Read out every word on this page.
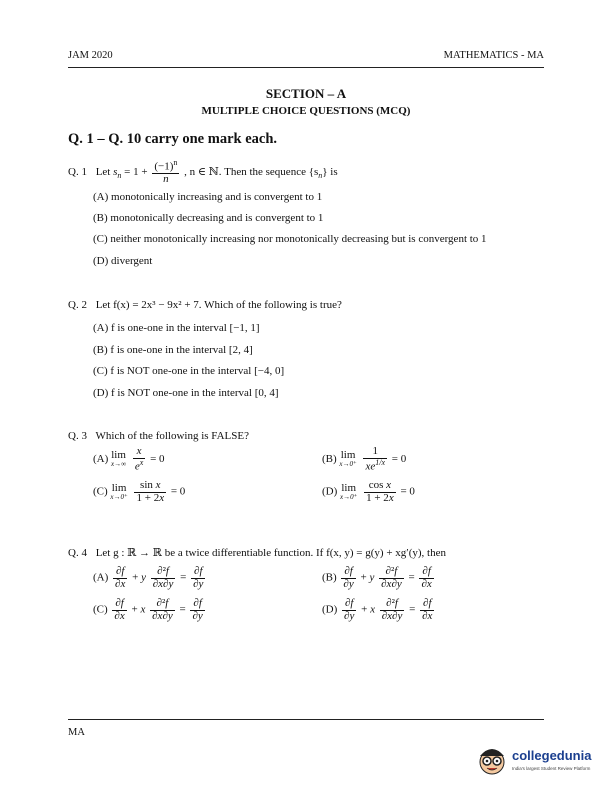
JAM 2020	MATHEMATICS - MA
SECTION – A
MULTIPLE CHOICE QUESTIONS (MCQ)
Q. 1 – Q. 10 carry one mark each.
Q. 1 Let $s_n = 1 + \frac{(-1)^n}{n}$ , n ∈ ℕ. Then the sequence $\{s_n\}$ is
(A) monotonically increasing and is convergent to 1
(B) monotonically decreasing and is convergent to 1
(C) neither monotonically increasing nor monotonically decreasing but is convergent to 1
(D) divergent
Q. 2 Let f(x) = 2x³ − 9x² + 7. Which of the following is true?
(A) f is one-one in the interval [−1, 1]
(B) f is one-one in the interval [2, 4]
(C) f is NOT one-one in the interval [−4, 0]
(D) f is NOT one-one in the interval [0, 4]
Q. 3 Which of the following is FALSE?
(A) lim
x→∞
$\frac{x}{e^x} = 0$	(B) lim
x→0⁺
$\frac{1}{xe^{1/x}} = 0$
(C) lim
x→0⁺
$\frac{\text{sin x}}{1 + 2x} = 0$	(D) lim
x→0⁺
$\frac{\text{cos x}}{1 + 2x} = 0$
Q. 4 Let g : ℝ → ℝ be a twice differentiable function. If f(x, y) = g(y) + xg′(y), then
$(A) \frac{\partial f}{\partial x} + y \frac{\text{∂²f}}{\partial x\partial y} = \frac{\partial f}{\partial y}$	$(B) \frac{\partial f}{\partial y} + y \frac{\text{∂²f}}{\partial x\partial y} = \frac{\partial f}{\partial x}$
$(C) \frac{\partial f}{\partial x} + x \frac{\text{∂²f}}{\partial x\partial y} = \frac{\partial f}{\partial y}$	$(D) \frac{\partial f}{\partial y} + x \frac{\text{∂²f}}{\partial x\partial y} = \frac{\partial f}{\partial x}$
MA
collegedunia
India's largest Student Review Platform
